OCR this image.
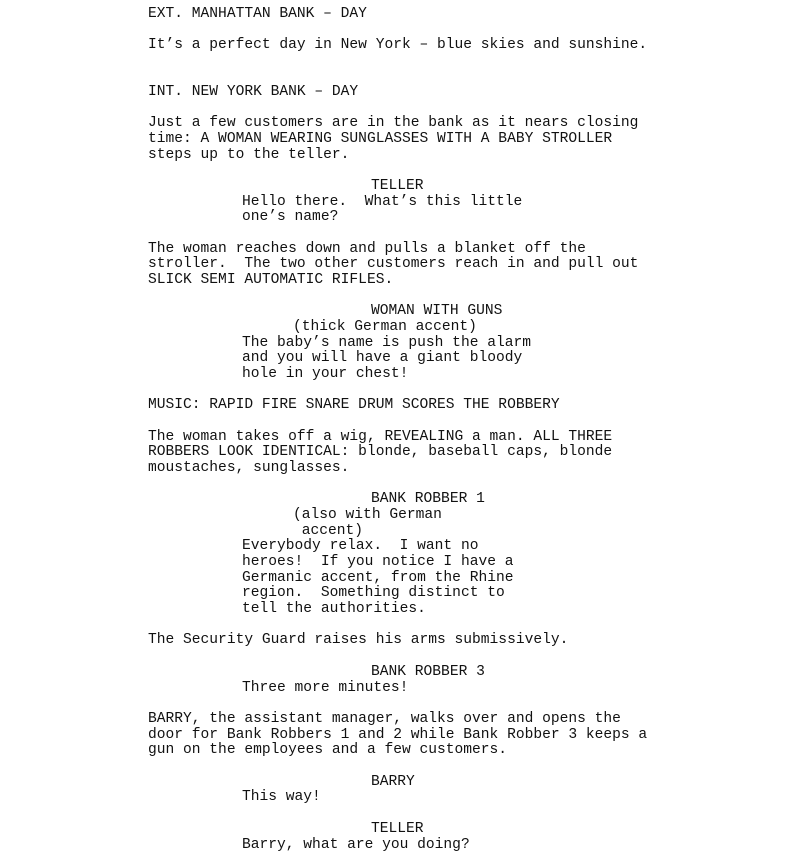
EXT. MANHATTAN BANK – DAY
It’s a perfect day in New York – blue skies and sunshine.
INT. NEW YORK BANK – DAY
Just a few customers are in the bank as it nears closing
time: A WOMAN WEARING SUNGLASSES WITH A BABY STROLLER
steps up to the teller.
TELLER
Hello there.  What’s this little
one’s name?
The woman reaches down and pulls a blanket off the
stroller.  The two other customers reach in and pull out
SLICK SEMI AUTOMATIC RIFLES.
WOMAN WITH GUNS
(thick German accent)
The baby’s name is push the alarm
and you will have a giant bloody
hole in your chest!
MUSIC: RAPID FIRE SNARE DRUM SCORES THE ROBBERY
The woman takes off a wig, REVEALING a man. ALL THREE
ROBBERS LOOK IDENTICAL: blonde, baseball caps, blonde
moustaches, sunglasses.
BANK ROBBER 1
(also with German
accent)
Everybody relax.  I want no
heroes!  If you notice I have a
Germanic accent, from the Rhine
region.  Something distinct to
tell the authorities.
The Security Guard raises his arms submissively.
BANK ROBBER 3
Three more minutes!
BARRY, the assistant manager, walks over and opens the
door for Bank Robbers 1 and 2 while Bank Robber 3 keeps a
gun on the employees and a few customers.
BARRY
This way!
TELLER
Barry, what are you doing?
